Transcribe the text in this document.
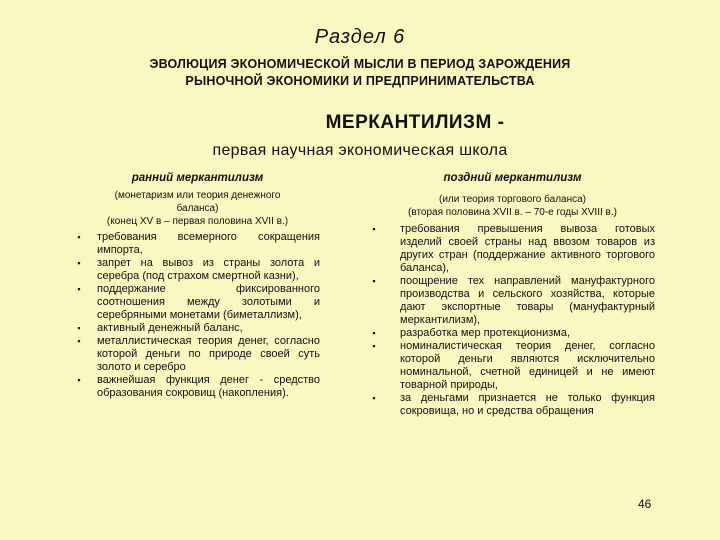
Раздел 6
ЭВОЛЮЦИЯ ЭКОНОМИЧЕСКОЙ МЫСЛИ В ПЕРИОД ЗАРОЖДЕНИЯ
РЫНОЧНОЙ ЭКОНОМИКИ И ПРЕДПРИНИМАТЕЛЬСТВА
МЕРКАНТИЛИЗМ -
первая научная экономическая школа
ранний меркантилизм
(монетаризм или теория денежного баланса)
(конец XV в – первая половина XVII в.)
▪ требования всемерного сокращения импорта,
▪ запрет на вывоз из страны золота и серебра (под страхом смертной казни),
▪ поддержание фиксированного соотношения между золотыми и серебряными монетами (биметаллизм),
▪ активный денежный баланс,
▪ металлистическая теория денег, согласно которой деньги по природе своей суть золото и серебро
▪ важнейшая функция денег - средство образования сокровищ (накопления).
поздний меркантилизм
(или теория торгового баланса)
(вторая половина XVII в. – 70-е годы XVIII в.)
▪ требования превышения вывоза готовых изделий своей страны над ввозом товаров из других стран (поддержание активного торгового баланса),
▪ поощрение тех направлений мануфактурного производства и сельского хозяйства, которые дают экспортные товары (мануфактурный меркантилизм),
▪ разработка мер протекционизма,
▪ номиналистическая теория денег, согласно которой деньги являются исключительно номинальной, счетной единицей и не имеют товарной природы,
▪ за деньгами признается не только функция сокровища, но и средства обращения
46
